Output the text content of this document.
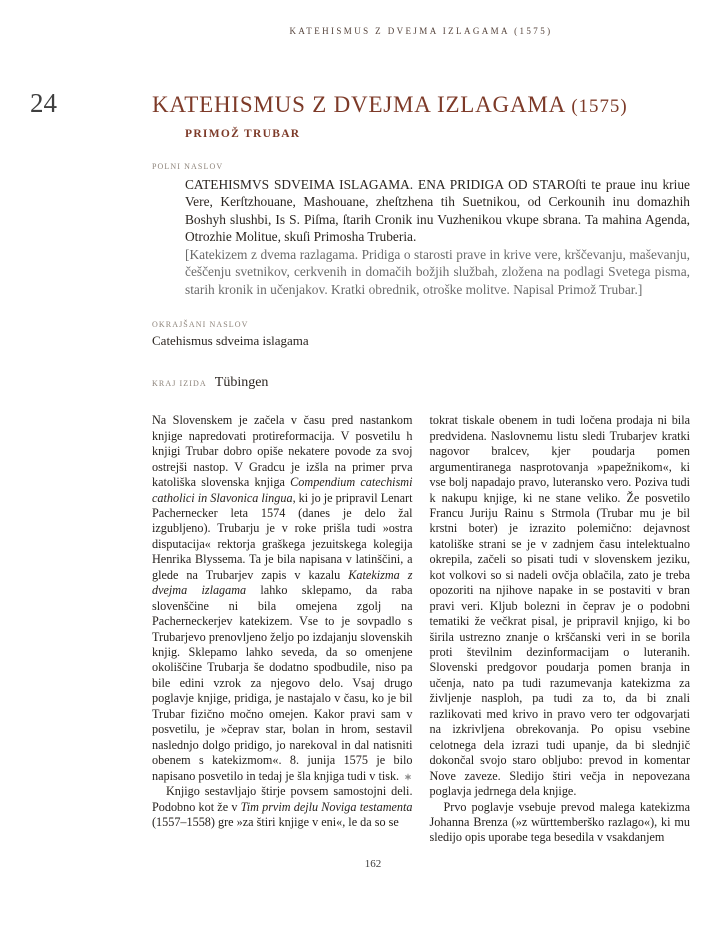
KATEHISMUS Z DVEJMA IZLAGAMA (1575)
24	KATEHISMUS Z DVEJMA IZLAGAMA (1575)
PRIMOŽ TRUBAR
POLNI NASLOV

CATEHISMVS SDVEIMA ISLAGAMA. ENA PRIDIGA OD STAROſti te praue inu kriue Vere, Kerſtzhouane, Mashouane, zheſtzhena tih Suetnikou, od Cerkounih inu domazhih Boshyh slushbi, Is S. Piſma, ſtarih Cronik inu Vuzhenikou vkupe sbrana. Ta mahina Agenda, Otrozhie Molitue, skuſi Primosha Truberia.

[Katekizem z dvema razlagama. Pridiga o starosti prave in krive vere, krščevanju, maševanju, češčenju svetnikov, cerkvenih in domačih božjih službah, zložena na podlagi Svetega pisma, starih kronik in učenjakov. Kratki obrednik, otroške molitve. Napisal Primož Trubar.]

OKRAJŠANI NASLOV

Catehismus sdveima islagama

KRAJ IZIDA Tübingen

Na Slovenskem je začela v času pred nastankom knjige napredovati protireformacija. V posvetilu h knjigi Trubar dobro opiše nekatere povode za svoj ostrejši nastop. V Gradcu je izšla na primer prva katoliška slovenska knjiga Compendium catechismi catholici in Slavonica lingua, ki jo je pripravil Lenart Pachernecker leta 1574 (danes je delo žal izgubljeno). Trubarju je v roke prišla tudi »ostra disputacija« rektorja graškega jezuitskega kolegija Henrika Blyssema. Ta je bila napisana v latinščini, a glede na Trubarjev zapis v kazalu Katekizma z dvejma izlagama lahko sklepamo, da raba slovenščine ni bila omejena zgolj na Pacherneckerjev katekizem. Vse to je sovpadlo s Trubarjevo prenovljeno željo po izdajanju slovenskih knjig. Sklepamo lahko seveda, da so omenjene okoliščine Trubarja še dodatno spodbudile, niso pa bile edini vzrok za njegovo delo. Vsaj drugo poglavje knjige, pridiga, je nastajalo v času, ko je bil Trubar fizično močno omejen. Kakor pravi sam v posvetilu, je »čeprav star, bolan in hrom, sestavil naslednjo dolgo pridigo, jo narekoval in dal natisniti obenem s katekizmom«. 8. junija 1575 je bilo napisano posvetilo in tedaj je šla knjiga tudi v tisk.

Knjigo sestavljajo štirje povsem samostojni deli. Podobno kot že v Tim prvim dejlu Noviga testamenta (1557–1558) gre »za štiri knjige v eni«, le da so se

tokrat tiskale obenem in tudi ločena prodaja ni bila predvidena. Naslovnemu listu sledi Trubarjev kratki nagovor bralcev, kjer poudarja pomen argumentiranega nasprotovanja »papežnikom«, ki vse bolj napadajo pravo, luteransko vero. Poziva tudi k nakupu knjige, ki ne stane veliko. Že posvetilo Francu Juriju Rainu s Strmola (Trubar mu je bil krstni boter) je izrazito polemično: dejavnost katoliške strani se je v zadnjem času intelektualno okrepila, začeli so pisati tudi v slovenskem jeziku, kot volkovi so si nadeli ovčja oblačila, zato je treba opozoriti na njihove napake in se postaviti v bran pravi veri. Kljub bolezni in čeprav je o podobni tematiki že večkrat pisal, je pripravil knjigo, ki bo širila ustrezno znanje o krščanski veri in se borila proti številnim dezinformacijam o luteranih. Slovenski predgovor poudarja pomen branja in učenja, nato pa tudi razumevanja katekizma za življenje nasploh, pa tudi za to, da bi znali razlikovati med krivo in pravo vero ter odgovarjati na izkrivljena obrekovanja. Po opisu vsebine celotnega dela izrazi tudi upanje, da bi slednjič dokončal svojo staro obljubo: prevod in komentar Nove zaveze. Sledijo štiri večja in nepovezana poglavja jedrnega dela knjige.

Prvo poglavje vsebuje prevod malega katekizma Johanna Brenza (»z württemberško razlago«), ki mu sledijo opis uporabe tega besedila v vsakdanjem

162
